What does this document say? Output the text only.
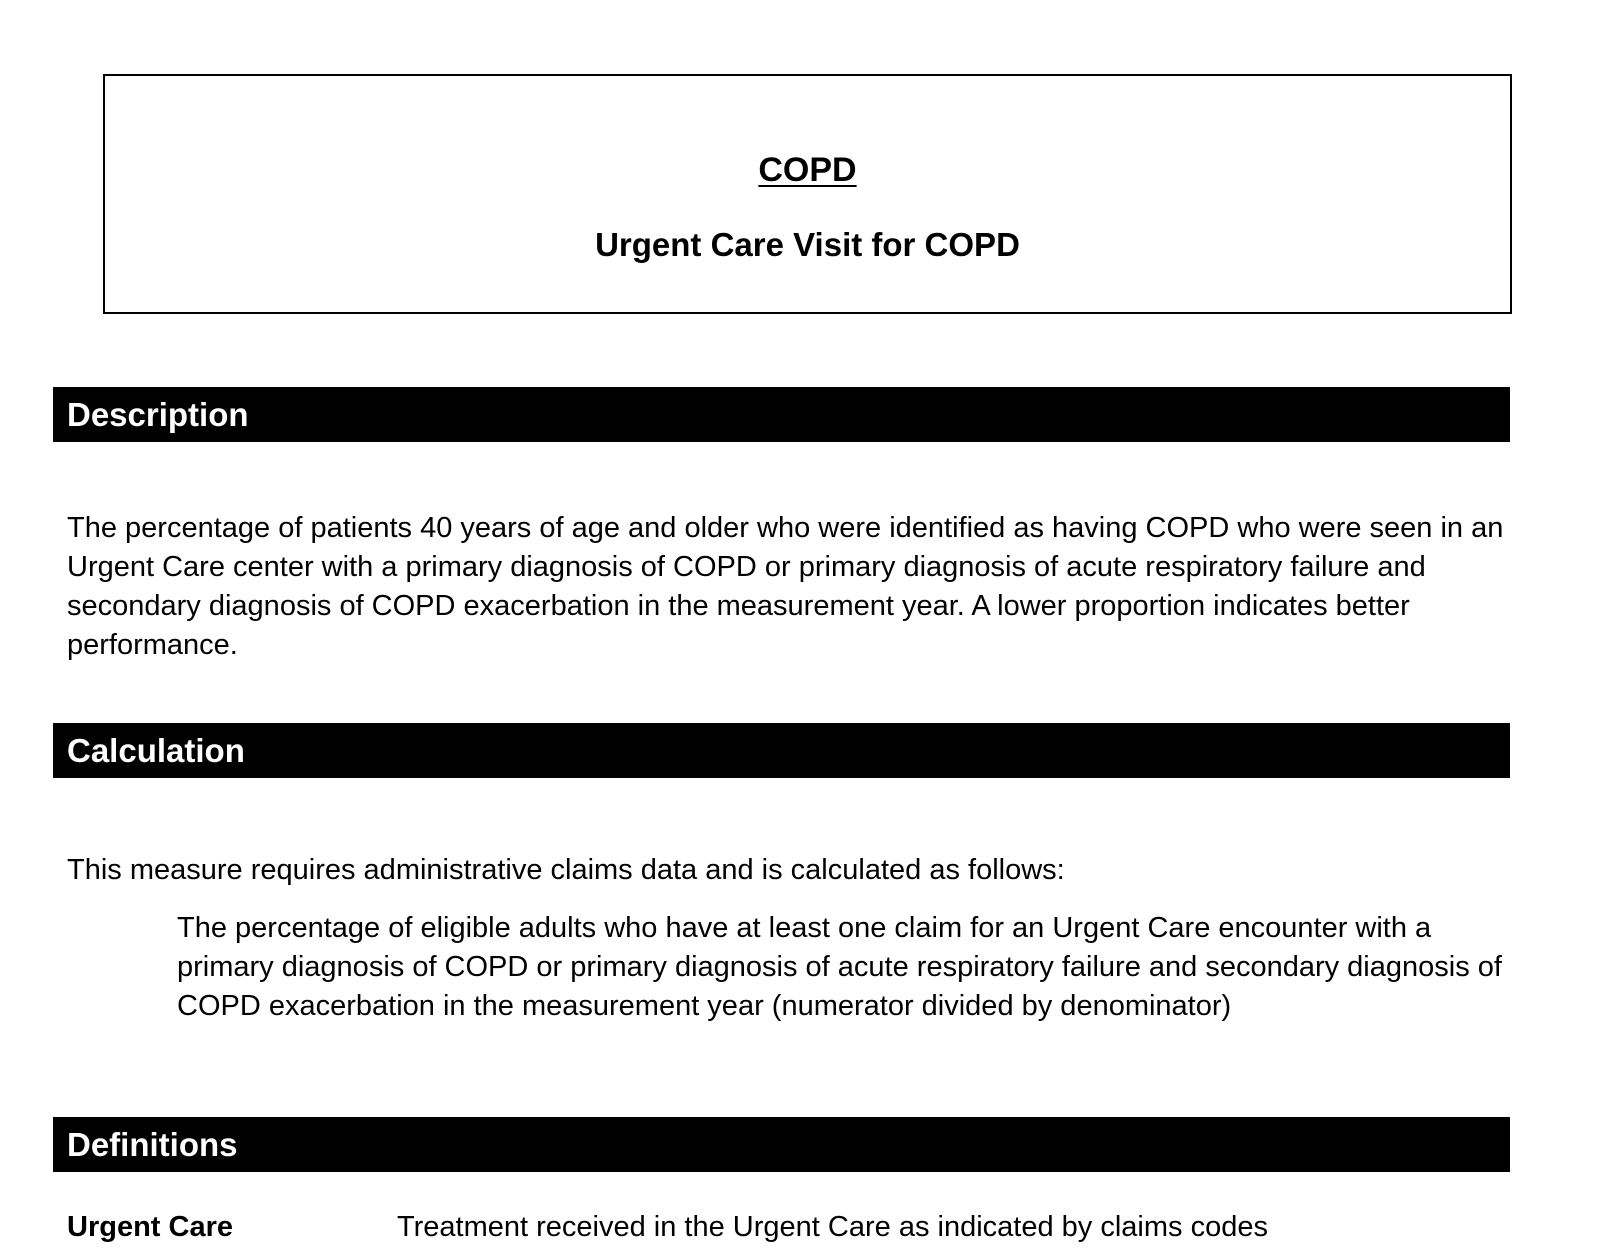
COPD
Urgent Care Visit for COPD
Description

The percentage of patients 40 years of age and older who were identified as having COPD who were seen in an Urgent Care center with a primary diagnosis of COPD or primary diagnosis of acute respiratory failure and secondary diagnosis of COPD exacerbation in the measurement year. A lower proportion indicates better performance.

Calculation

This measure requires administrative claims data and is calculated as follows:

The percentage of eligible adults who have at least one claim for an Urgent Care encounter with a primary diagnosis of COPD or primary diagnosis of acute respiratory failure and secondary diagnosis of COPD exacerbation in the measurement year (numerator divided by denominator)

Definitions
Urgent Care	Treatment received in the Urgent Care as indicated by claims codes
